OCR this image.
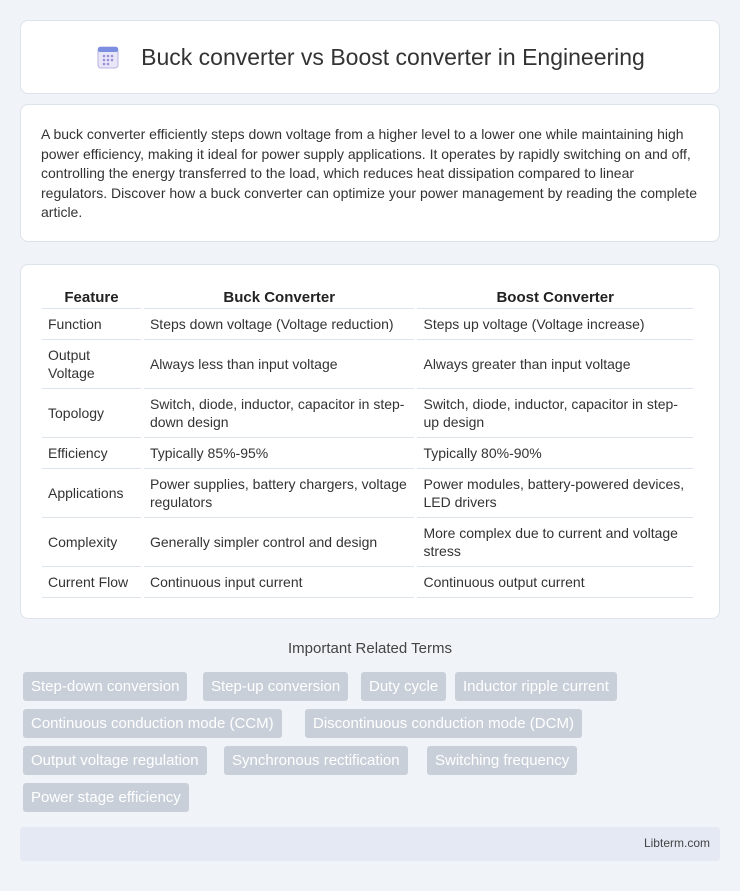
Buck converter vs Boost converter in Engineering

A buck converter efficiently steps down voltage from a higher level to a lower one while maintaining high power efficiency, making it ideal for power supply applications. It operates by rapidly switching on and off, controlling the energy transferred to the load, which reduces heat dissipation compared to linear regulators. Discover how a buck converter can optimize your power management by reading the complete article.

Feature	Buck Converter	Boost Converter
Function	Steps down voltage (Voltage reduction)	Steps up voltage (Voltage increase)
Output Voltage	Always less than input voltage	Always greater than input voltage
Topology	Switch, diode, inductor, capacitor in step-down design	Switch, diode, inductor, capacitor in step-up design
Efficiency	Typically 85%-95%	Typically 80%-90%
Applications	Power supplies, battery chargers, voltage regulators	Power modules, battery-powered devices, LED drivers
Complexity	Generally simpler control and design	More complex due to current and voltage stress
Current Flow	Continuous input current	Continuous output current
Important Related Terms
Step-down conversion	Step-up conversion	Duty cycle	Inductor ripple current
Continuous conduction mode (CCM)	Discontinuous conduction mode (DCM)
Output voltage regulation	Synchronous rectification	Switching frequency
Power stage efficiency
Libterm.com
